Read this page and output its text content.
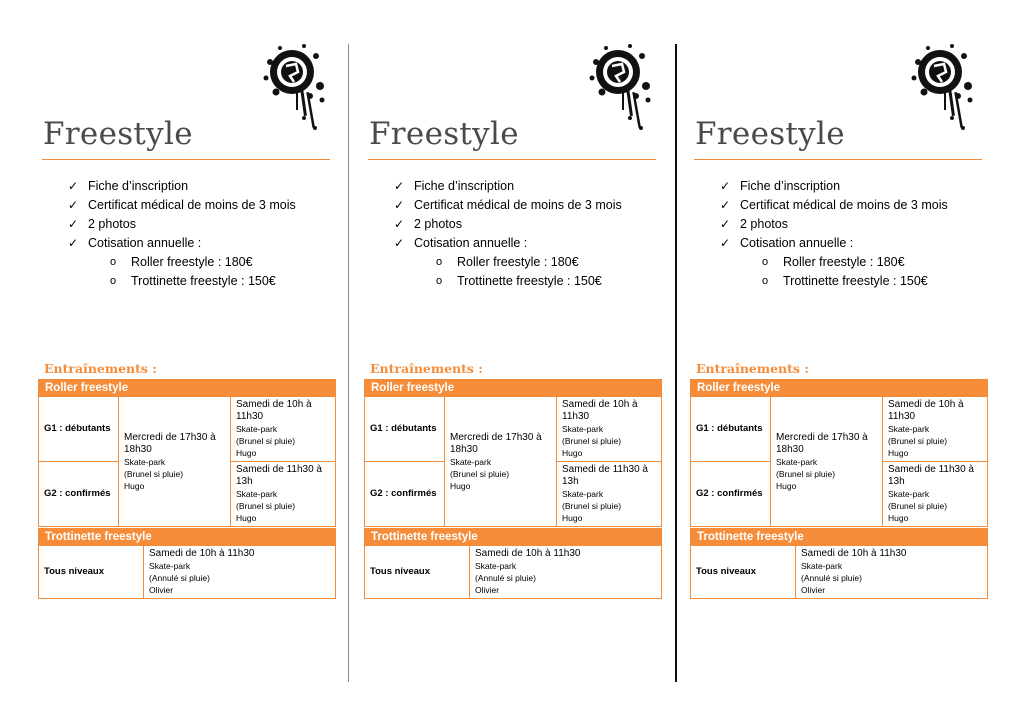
Freestyle
✓ Fiche d’inscription
✓ Certificat médical de moins de 3 mois
✓ 2 photos
✓ Cotisation annuelle :
o Roller freestyle : 180€
o Trottinette freestyle : 150€
Entraînements :
Roller freestyle		
G1 : débutants	Mercredi de 17h30 à 18h30
Skate-park
(Brunel si pluie)
Hugo	Samedi de 10h à 11h30
Skate-park
(Brunel si pluie)
Hugo

G2 : confirmés		Samedi de 11h30 à 13h
Skate-park
(Brunel si pluie)
Hugo
Trottinette freestyle
Tous niveaux	Samedi de 10h à 11h30
Skate-park
(Annulé si pluie)
Olivier
Freestyle
✓ Fiche d’inscription
✓ Certificat médical de moins de 3 mois
✓ 2 photos
✓ Cotisation annuelle :
o Roller freestyle : 180€
o Trottinette freestyle : 150€
Entraînements :
Roller freestyle		
G1 : débutants	Mercredi de 17h30 à 18h30
Skate-park
(Brunel si pluie)
Hugo	Samedi de 10h à 11h30
Skate-park
(Brunel si pluie)
Hugo

G2 : confirmés		Samedi de 11h30 à 13h
Skate-park
(Brunel si pluie)
Hugo
Trottinette freestyle
Tous niveaux	Samedi de 10h à 11h30
Skate-park
(Annulé si pluie)
Olivier
Freestyle
✓ Fiche d’inscription
✓ Certificat médical de moins de 3 mois
✓ 2 photos
✓ Cotisation annuelle :
o Roller freestyle : 180€
o Trottinette freestyle : 150€
Entraînements :
Roller freestyle		
G1 : débutants	Mercredi de 17h30 à 18h30
Skate-park
(Brunel si pluie)
Hugo	Samedi de 10h à 11h30
Skate-park
(Brunel si pluie)
Hugo

G2 : confirmés		Samedi de 11h30 à 13h
Skate-park
(Brunel si pluie)
Hugo
Trottinette freestyle
Tous niveaux	Samedi de 10h à 11h30
Skate-park
(Annulé si pluie)
Olivier
